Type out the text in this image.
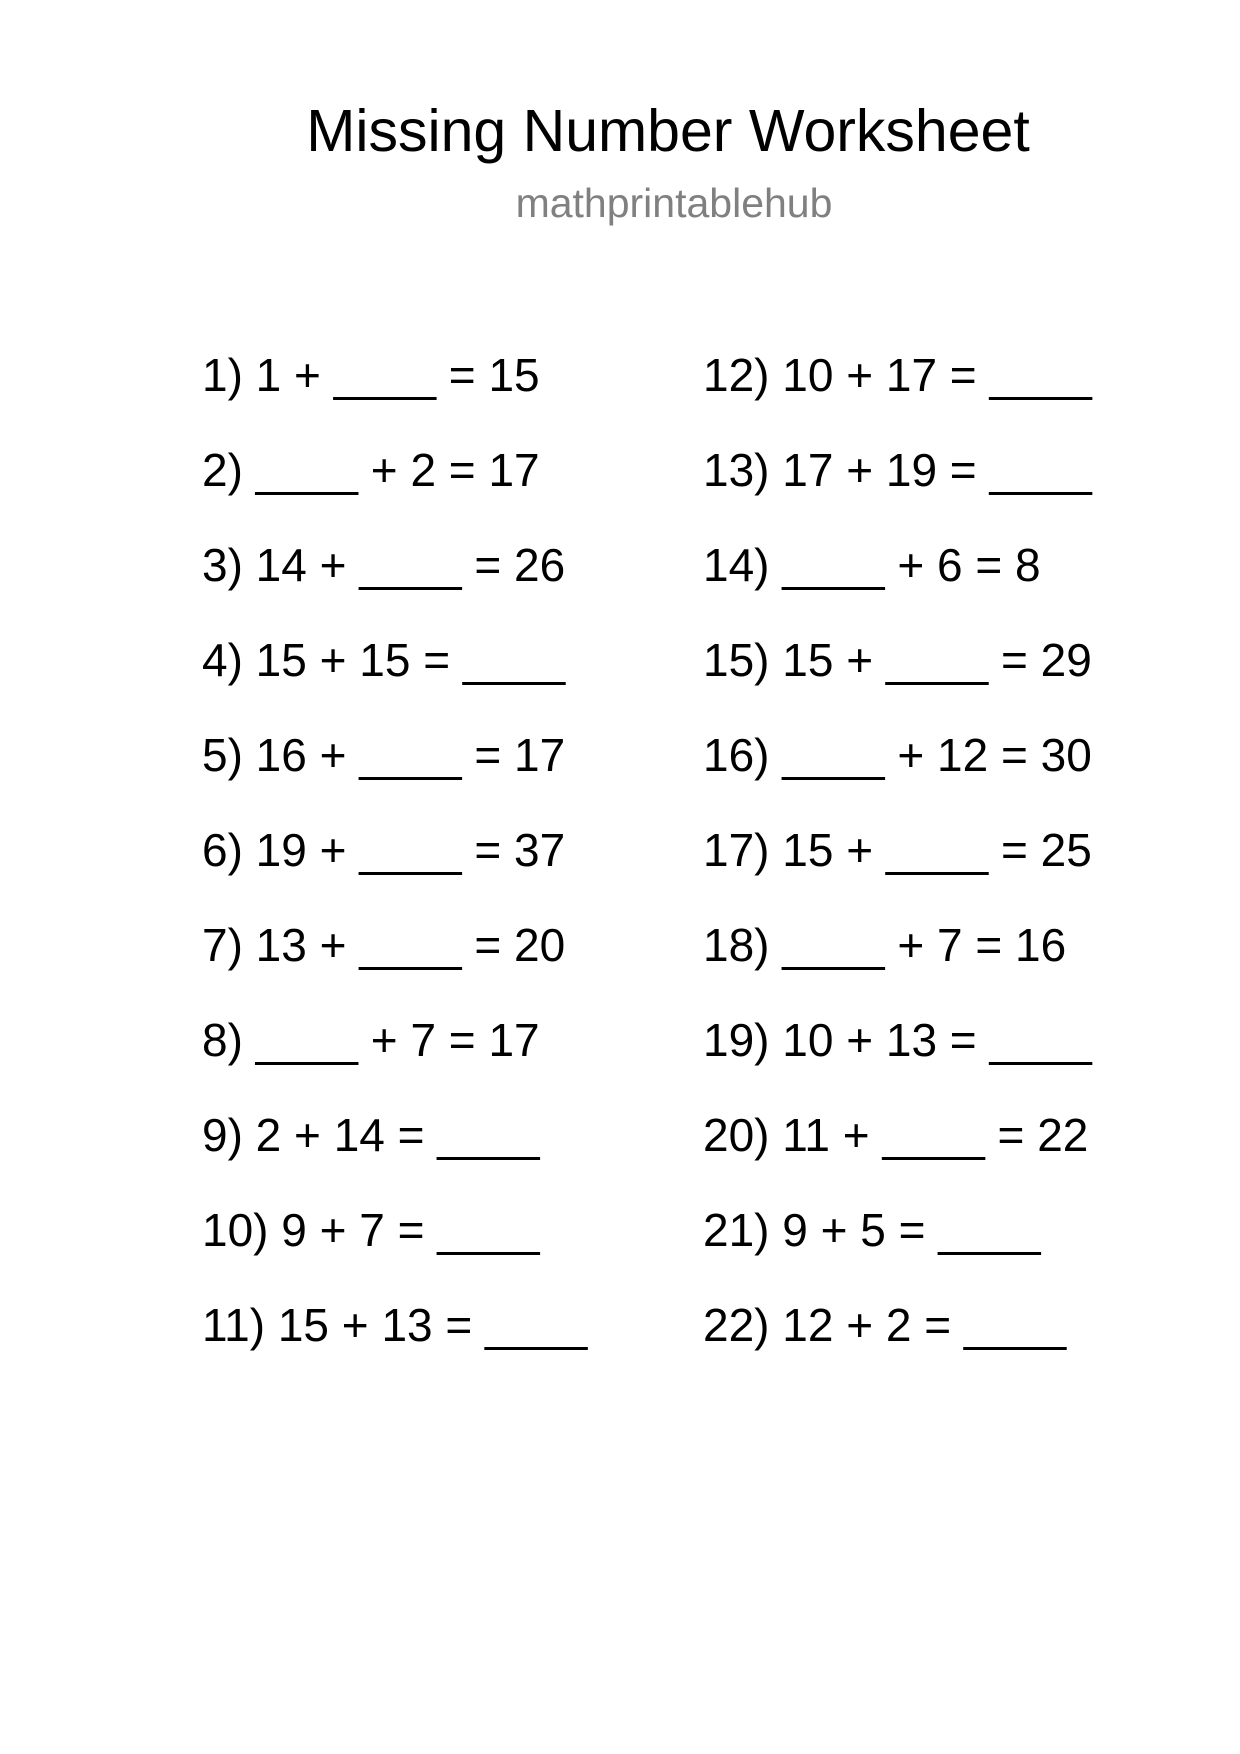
Missing Number Worksheet
mathprintablehub
1) 1 + ____ = 15
2) ____ + 2 = 17
3) 14 + ____ = 26
4) 15 + 15 = ____
5) 16 + ____ = 17
6) 19 + ____ = 37
7) 13 + ____ = 20
8) ____ + 7 = 17
9) 2 + 14 = ____
10) 9 + 7 = ____
11) 15 + 13 = ____
12) 10 + 17 = ____
13) 17 + 19 = ____
14) ____ + 6 = 8
15) 15 + ____ = 29
16) ____ + 12 = 30
17) 15 + ____ = 25
18) ____ + 7 = 16
19) 10 + 13 = ____
20) 11 + ____ = 22
21) 9 + 5 = ____
22) 12 + 2 = ____
